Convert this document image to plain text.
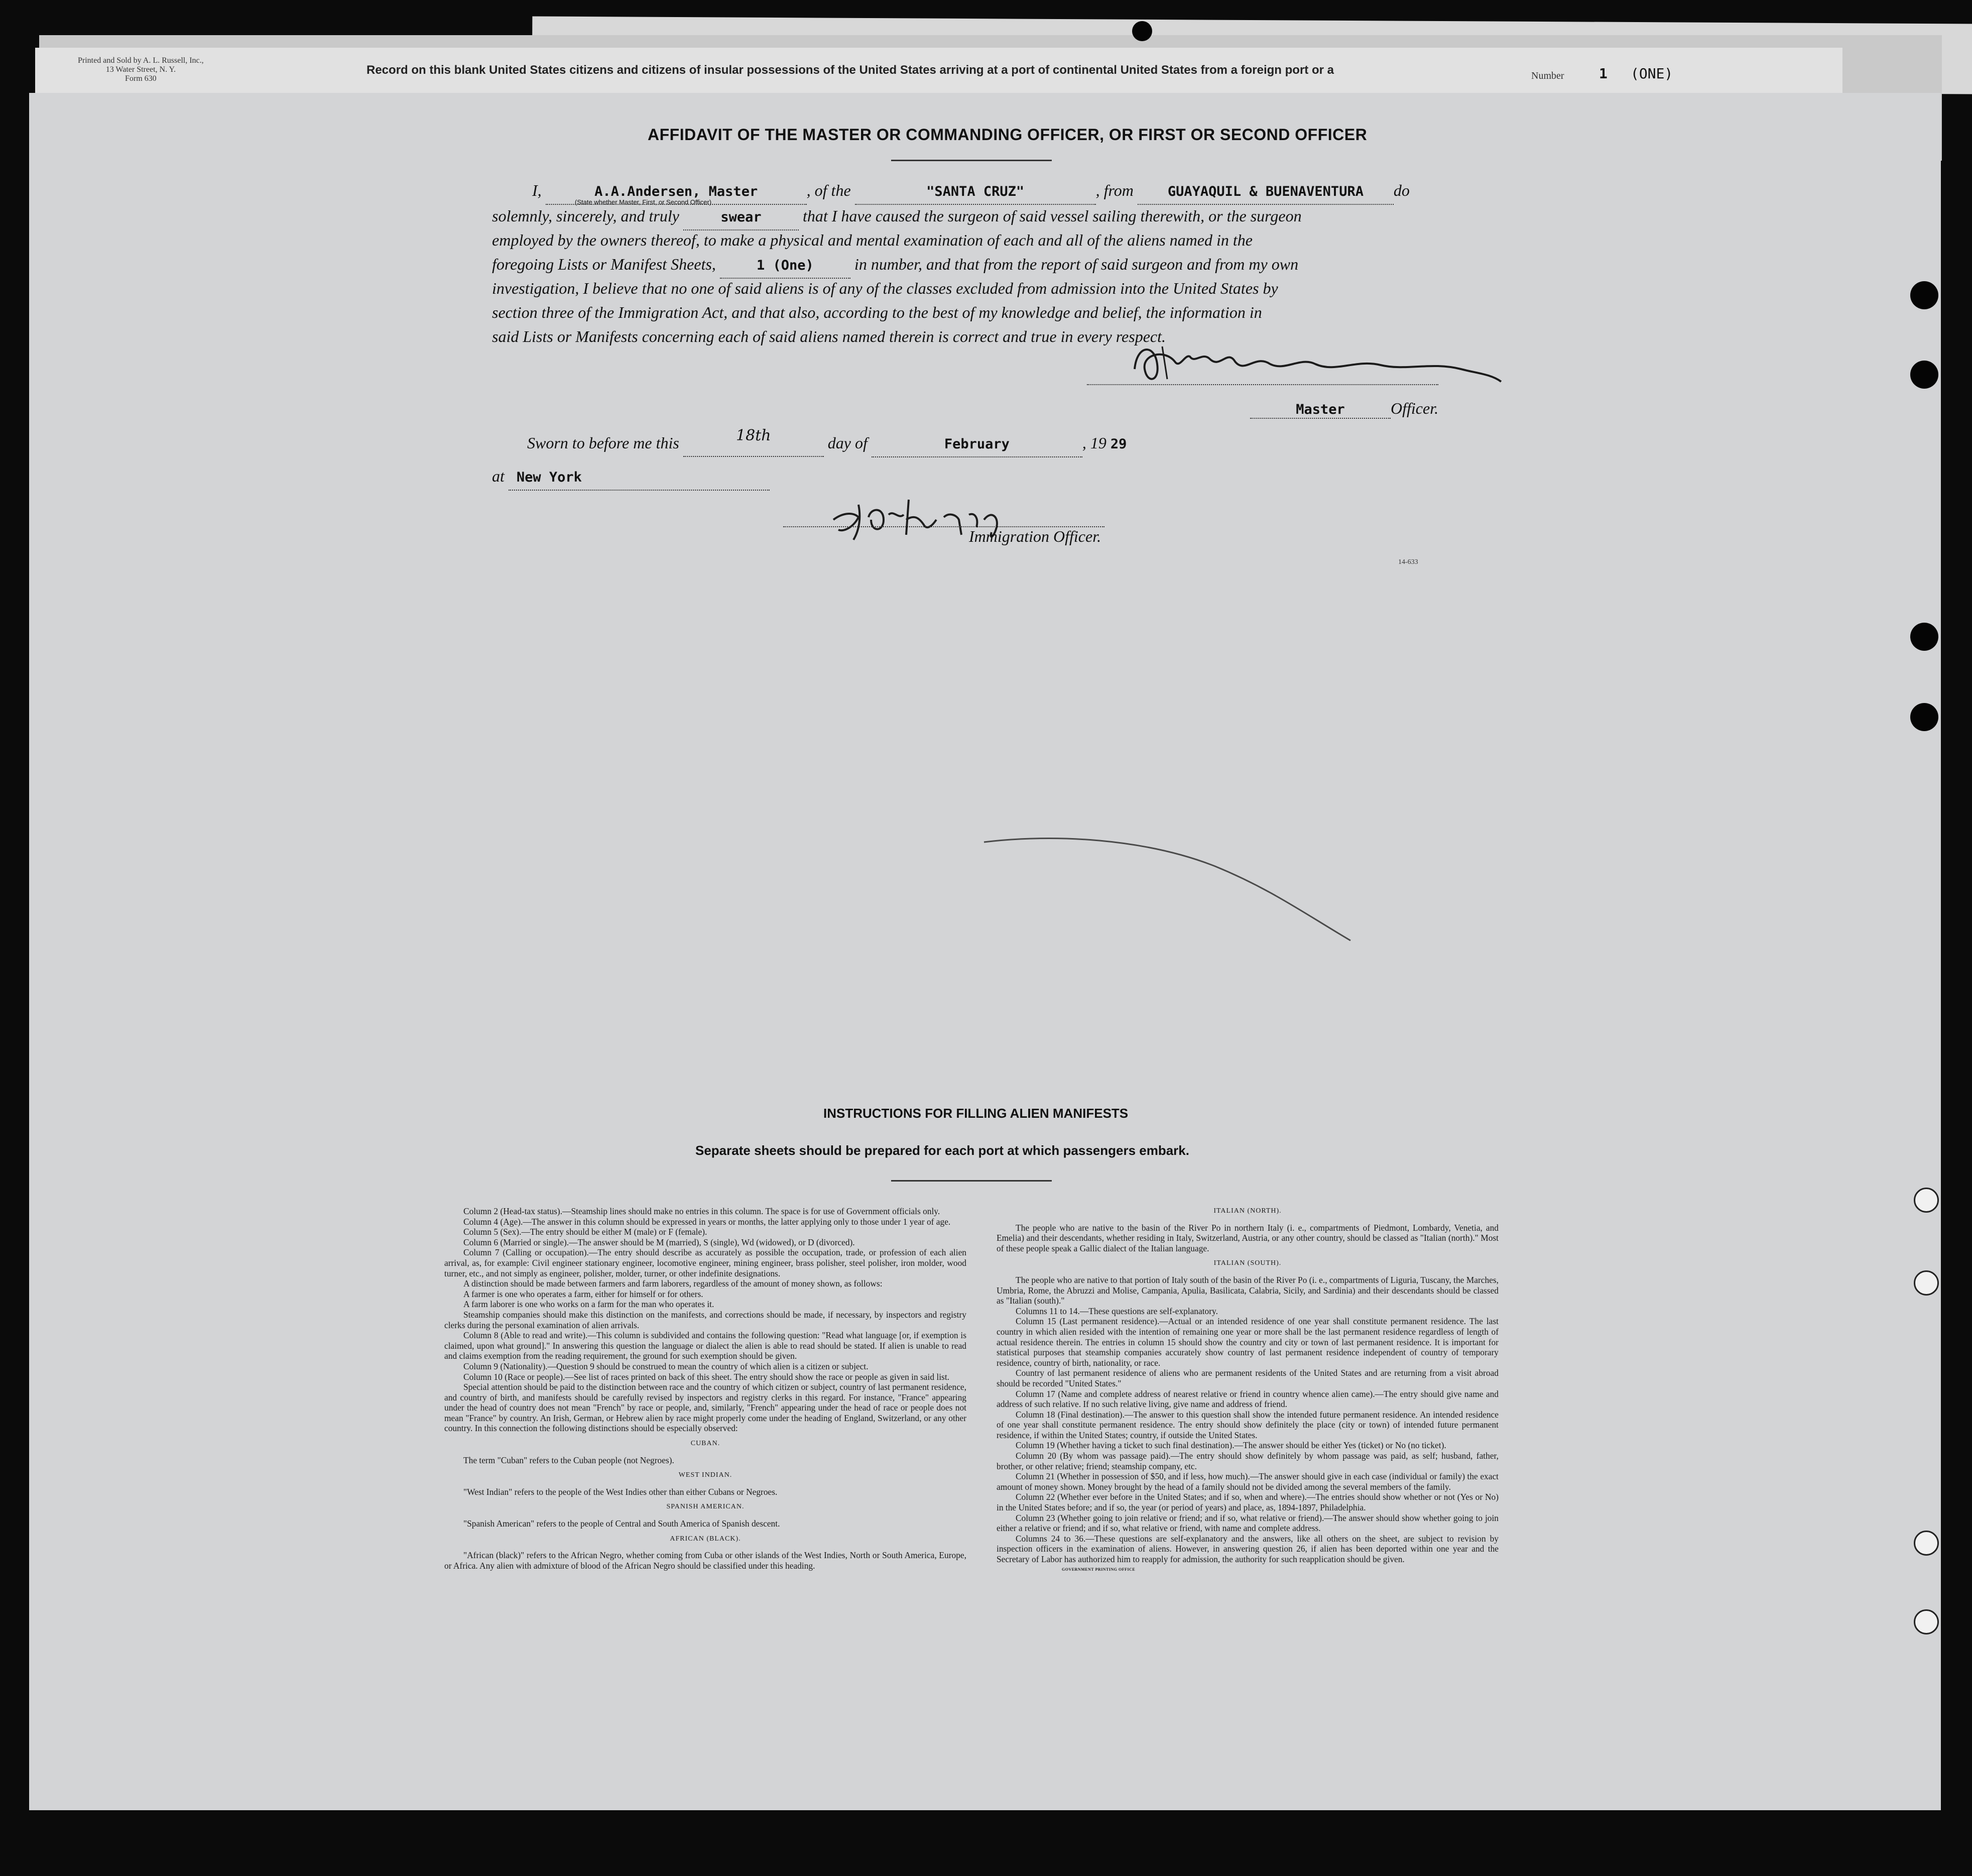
Printed and Sold by A. L. Russell, Inc.,
13 Water Street, N. Y.
Form 630
Record on this blank United States citizens and citizens of insular possessions of the United States arriving at a port of continental United States from a foreign port or a	Number 1 (ONE)
AFFIDAVIT OF THE MASTER OR COMMANDING OFFICER, OR FIRST OR SECOND OFFICER
I,	A.A.Andersen, Master	, of the	"SANTA CRUZ"	, from	GUAYAQUIL & BUENAVENTURA do
(State whether Master, First, or Second Officer)
solemnly, sincerely, and truly	swear	that I have caused the surgeon of said vessel sailing therewith, or the surgeon
employed by the owners thereof, to make a physical and mental examination of each and all of the aliens named in the
foregoing Lists or Manifest Sheets,	1 (One)	in number, and that from the report of said surgeon and from my own
investigation, I believe that no one of said aliens is of any of the classes excluded from admission into the United States by
section three of the Immigration Act, and that also, according to the best of my knowledge and belief, the information in
said Lists or Manifests concerning each of said aliens named therein is correct and true in every respect.
Master	Officer.
Sworn to before me this	18th	day of	February	, 19 29
at New York
Immigration Officer.
14-633
INSTRUCTIONS FOR FILLING ALIEN MANIFESTS
Separate sheets should be prepared for each port at which passengers embark.

Column 2 (Head-tax status).—Steamship lines should make no entries in this column. The space is for use of Government officials only.

Column 4 (Age).—The answer in this column should be expressed in years or months, the latter applying only to those under 1 year of age.

Column 5 (Sex).—The entry should be either M (male) or F (female).

Column 6 (Married or single).—The answer should be M (married), S (single), Wd (widowed), or D (divorced).

Column 7 (Calling or occupation).—The entry should describe as accurately as possible the occupation, trade, or profession of each alien arrival, as, for example: Civil engineer stationary engineer, locomotive engineer, mining engineer, brass polisher, steel polisher, iron molder, wood turner, etc., and not simply as engineer, polisher, molder, turner, or other indefinite designations.

A distinction should be made between farmers and farm laborers, regardless of the amount of money shown, as follows:

A farmer is one who operates a farm, either for himself or for others.

A farm laborer is one who works on a farm for the man who operates it.

Steamship companies should make this distinction on the manifests, and corrections should be made, if necessary, by inspectors and registry clerks during the personal examination of alien arrivals.

Column 8 (Able to read and write).—This column is subdivided and contains the following question: "Read what language [or, if exemption is claimed, upon what ground]." In answering this question the language or dialect the alien is able to read should be stated. If alien is unable to read and claims exemption from the reading requirement, the ground for such exemption should be given.

Column 9 (Nationality).—Question 9 should be construed to mean the country of which alien is a citizen or subject.

Column 10 (Race or people).—See list of races printed on back of this sheet. The entry should show the race or people as given in said list.

Special attention should be paid to the distinction between race and the country of which citizen or subject, country of last permanent residence, and country of birth, and manifests should be carefully revised by inspectors and registry clerks in this regard. For instance, "France" appearing under the head of country does not mean "French" by race or people, and, similarly, "French" appearing under the head of race or people does not mean "France" by country. An Irish, German, or Hebrew alien by race might properly come under the heading of England, Switzerland, or any other country. In this connection the following distinctions should be especially observed:

CUBAN.

The term "Cuban" refers to the Cuban people (not Negroes).

WEST INDIAN.

"West Indian" refers to the people of the West Indies other than either Cubans or Negroes.

SPANISH AMERICAN.

"Spanish American" refers to the people of Central and South America of Spanish descent.

AFRICAN (BLACK).

"African (black)" refers to the African Negro, whether coming from Cuba or other islands of the West Indies, North or South America, Europe, or Africa. Any alien with admixture of blood of the African Negro should be classified under this heading.

ITALIAN (NORTH).

The people who are native to the basin of the River Po in northern Italy (i. e., compartments of Piedmont, Lombardy, Venetia, and Emelia) and their descendants, whether residing in Italy, Switzerland, Austria, or any other country, should be classed as "Italian (north)." Most of these people speak a Gallic dialect of the Italian language.

ITALIAN (SOUTH).

The people who are native to that portion of Italy south of the basin of the River Po (i. e., compartments of Liguria, Tuscany, the Marches, Umbria, Rome, the Abruzzi and Molise, Campania, Apulia, Basilicata, Calabria, Sicily, and Sardinia) and their descendants should be classed as "Italian (south)."

Columns 11 to 14.—These questions are self-explanatory.

Column 15 (Last permanent residence).—Actual or an intended residence of one year shall constitute permanent residence. The last country in which alien resided with the intention of remaining one year or more shall be the last permanent residence regardless of length of actual residence therein. The entries in column 15 should show the country and city or town of last permanent residence. It is important for statistical purposes that steamship companies accurately show country of last permanent residence independent of country of temporary residence, country of birth, nationality, or race.

Country of last permanent residence of aliens who are permanent residents of the United States and are returning from a visit abroad should be recorded "United States."

Column 17 (Name and complete address of nearest relative or friend in country whence alien came).—The entry should give name and address of such relative. If no such relative living, give name and address of friend.

Column 18 (Final destination).—The answer to this question shall show the intended future permanent residence. An intended residence of one year shall constitute permanent residence. The entry should show definitely the place (city or town) of intended future permanent residence, if within the United States; country, if outside the United States.

Column 19 (Whether having a ticket to such final destination).—The answer should be either Yes (ticket) or No (no ticket).

Column 20 (By whom was passage paid).—The entry should show definitely by whom passage was paid, as self; husband, father, brother, or other relative; friend; steamship company, etc.

Column 21 (Whether in possession of $50, and if less, how much).—The answer should give in each case (individual or family) the exact amount of money shown. Money brought by the head of a family should not be divided among the several members of the family.

Column 22 (Whether ever before in the United States; and if so, when and where).—The entries should show whether or not (Yes or No) in the United States before; and if so, the year (or period of years) and place, as, 1894-1897, Philadelphia.

Column 23 (Whether going to join relative or friend; and if so, what relative or friend).—The answer should show whether going to join either a relative or friend; and if so, what relative or friend, with name and complete address.

Columns 24 to 36.—These questions are self-explanatory and the answers, like all others on the sheet, are subject to revision by inspection officers in the examination of aliens. However, in answering question 26, if alien has been deported within one year and the Secretary of Labor has authorized him to reapply for admission, the authority for such reapplication should be given.

GOVERNMENT PRINTING OFFICE
